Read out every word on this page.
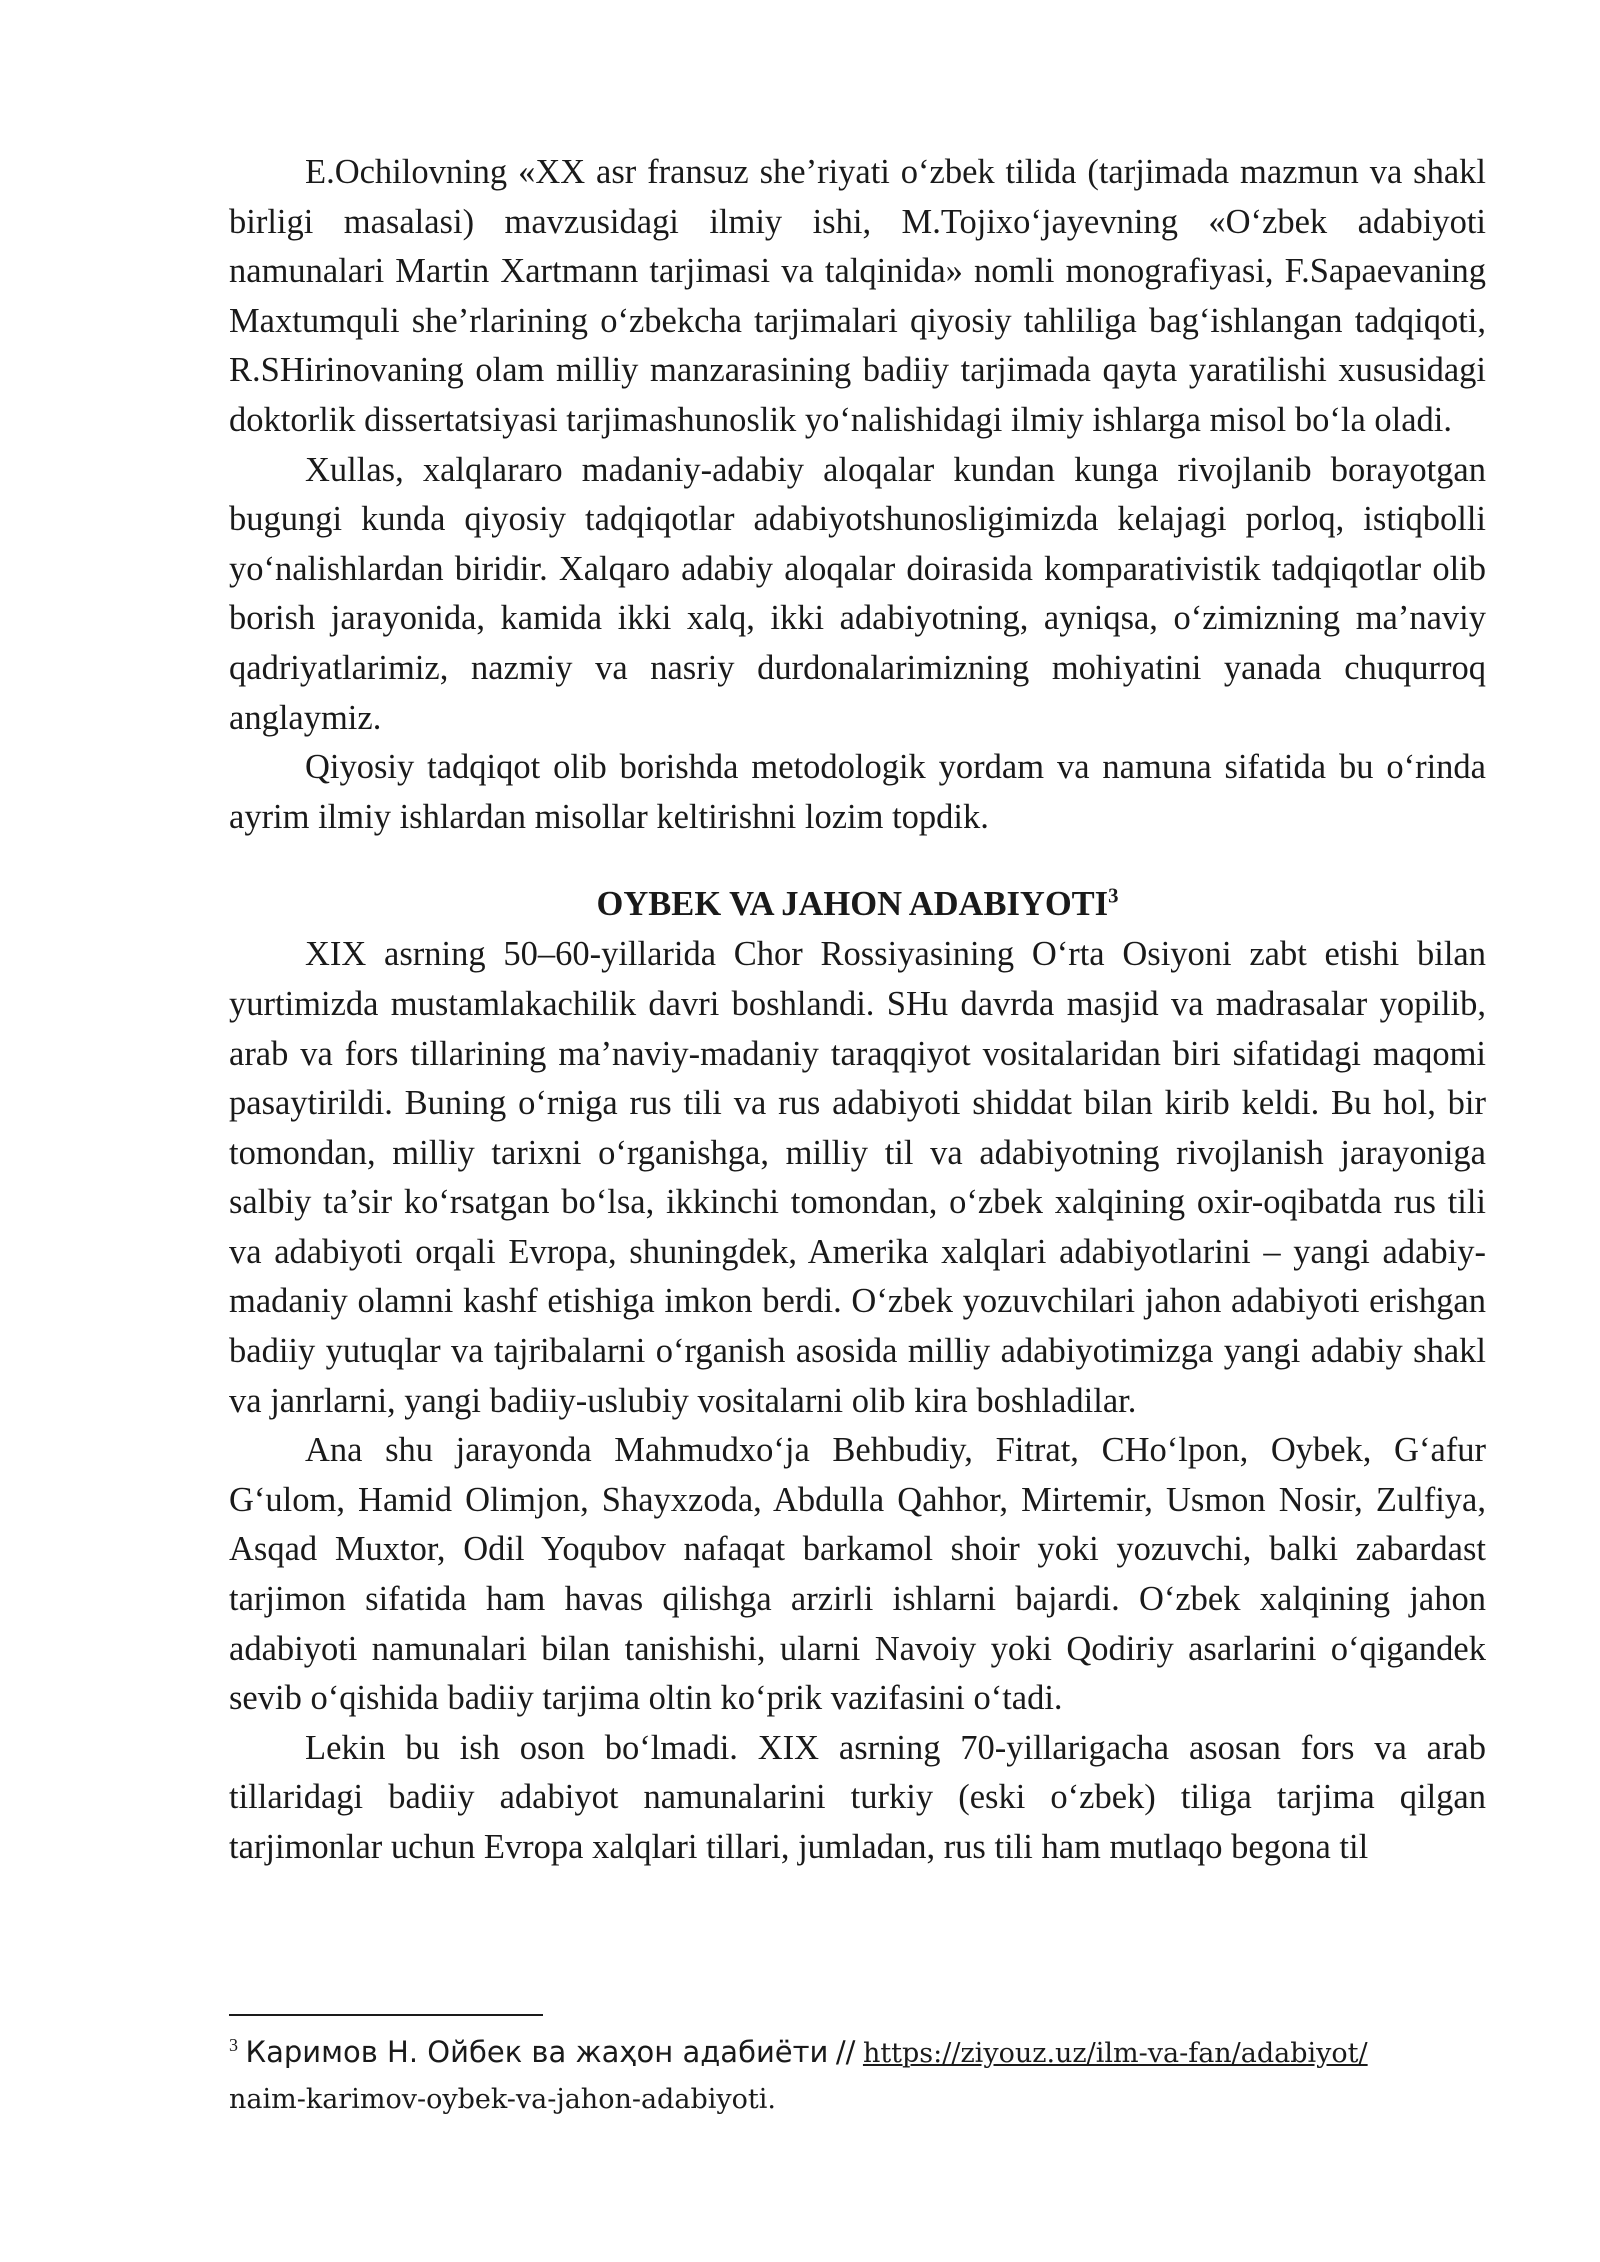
E.Ochilovning «XX asr fransuz she’riyati o‘zbek tilida (tarjimada mazmun va shakl birligi masalasi) mavzusidagi ilmiy ishi, M.Tojixo‘jayevning «O‘zbek adabiyoti namunalari Martin Xartmann tarjimasi va talqinida» nomli monografiyasi, F.Sapaevaning Maxtumquli she’rlarining o‘zbekcha tarjimalari qiyosiy tahliliga bag‘ishlangan tadqiqoti, R.SHirinovaning olam milliy manzarasining badiiy tarjimada qayta yaratilishi xususidagi doktorlik dissertatsiyasi tarjimashunoslik yo‘nalishidagi ilmiy ishlarga misol bo‘la oladi.

Xullas, xalqlararo madaniy-adabiy aloqalar kundan kunga rivojlanib borayotgan bugungi kunda qiyosiy tadqiqotlar adabiyotshunosligimizda kelajagi porloq, istiqbolli yo‘nalishlardan biridir. Xalqaro adabiy aloqalar doirasida komparativistik tadqiqotlar olib borish jarayonida, kamida ikki xalq, ikki adabiyotning, ayniqsa, o‘zimizning ma’naviy qadriyatlarimiz, nazmiy va nasriy durdonalarimizning mohiyatini yanada chuqurroq anglaymiz.

Qiyosiy tadqiqot olib borishda metodologik yordam va namuna sifatida bu o‘rinda ayrim ilmiy ishlardan misollar keltirishni lozim topdik.

OYBEK VA JAHON ADABIYOTI$^3$

XIX asrning 50–60-yillarida Chor Rossiyasining O‘rta Osiyoni zabt etishi bilan yurtimizda mustamlakachilik davri boshlandi. SHu davrda masjid va madrasalar yopilib, arab va fors tillarining ma’naviy-madaniy taraqqiyot vositalaridan biri sifatidagi maqomi pasaytirildi. Buning o‘rniga rus tili va rus adabiyoti shiddat bilan kirib keldi. Bu hol, bir tomondan, milliy tarixni o‘rganishga, milliy til va adabiyotning rivojlanish jarayoniga salbiy ta’sir ko‘rsatgan bo‘lsa, ikkinchi tomondan, o‘zbek xalqining oxir-oqibatda rus tili va adabiyoti orqali Evropa, shuningdek, Amerika xalqlari adabiyotlarini – yangi adabiy-madaniy olamni kashf etishiga imkon berdi. O‘zbek yozuvchilari jahon adabiyoti erishgan badiiy yutuqlar va tajribalarni o‘rganish asosida milliy adabiyotimizga yangi adabiy shakl va janrlarni, yangi badiiy-uslubiy vositalarni olib kira boshladilar.

Ana shu jarayonda Mahmudxo‘ja Behbudiy, Fitrat, CHo‘lpon, Oybek, G‘afur G‘ulom, Hamid Olimjon, Shayxzoda, Abdulla Qahhor, Mirtemir, Usmon Nosir, Zulfiya, Asqad Muxtor, Odil Yoqubov nafaqat barkamol shoir yoki yozuvchi, balki zabardast tarjimon sifatida ham havas qilishga arzirli ishlarni bajardi. O‘zbek xalqining jahon adabiyoti namunalari bilan tanishishi, ularni Navoiy yoki Qodiriy asarlarini o‘qigandek sevib o‘qishida badiiy tarjima oltin ko‘prik vazifasini o‘tadi.

Lekin bu ish oson bo‘lmadi. XIX asrning 70-yillarigacha asosan fors va arab tillaridagi badiiy adabiyot namunalarini turkiy (eski o‘zbek) tiliga tarjima qilgan tarjimonlar uchun Evropa xalqlari tillari, jumladan, rus tili ham mutlaqo begona til

$^3$ Каримов Н. Ойбек ва жаҳон адабиёти // https://ziyouz.uz/ilm-va-fan/adabiyot/
naim-karimov-oybek-va-jahon-adabiyoti.
